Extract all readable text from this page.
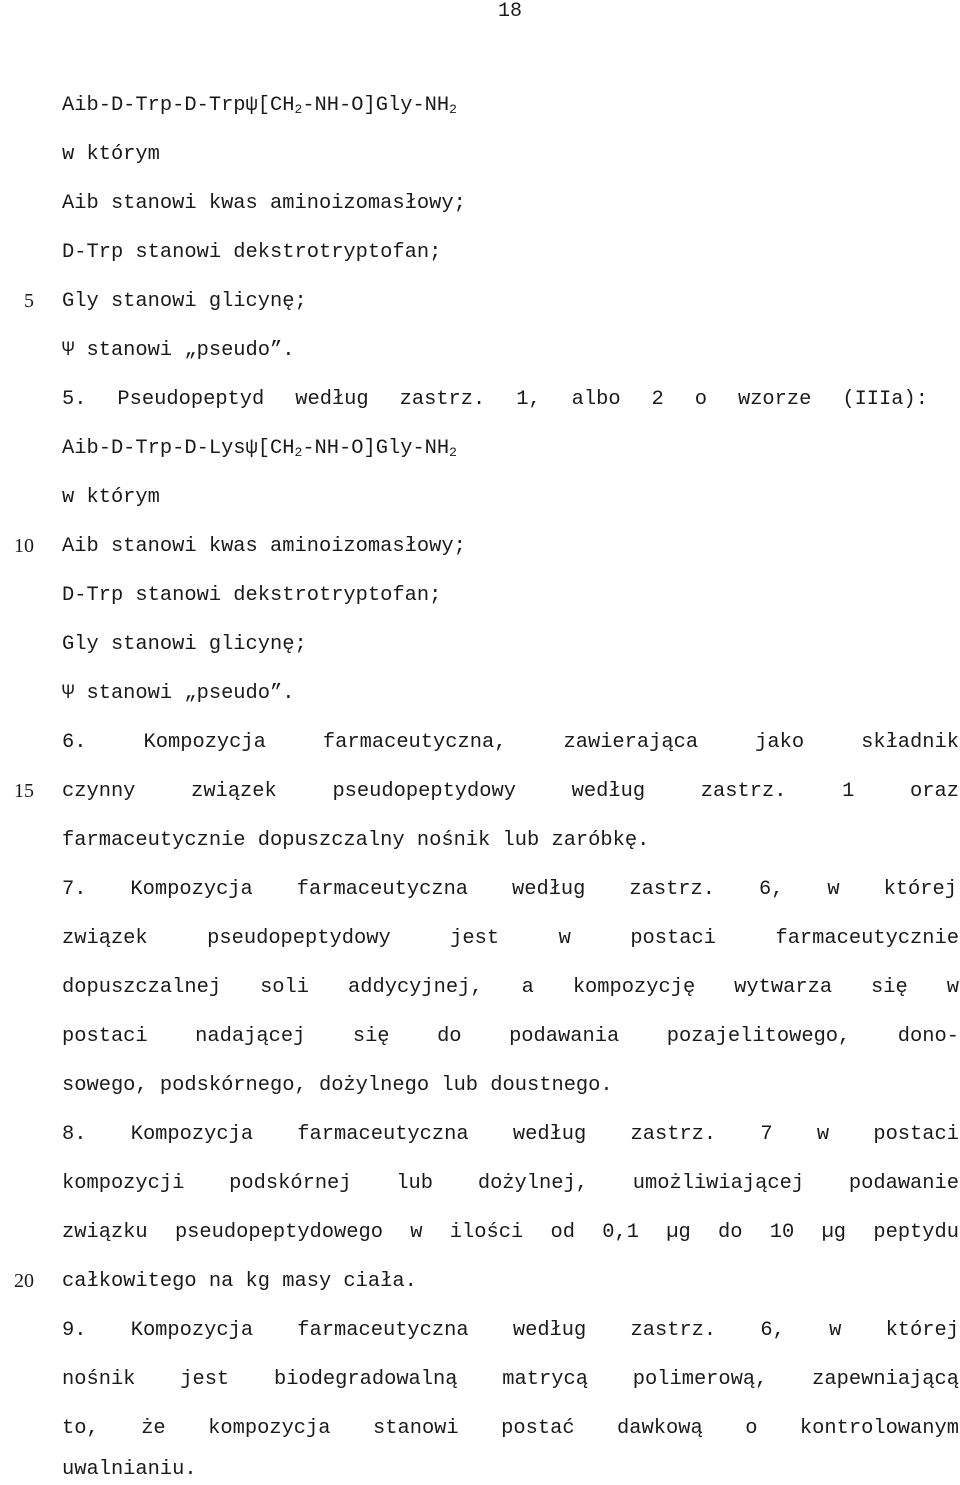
18
5
10
15
20
Aib-$D-Trp-D-Trp\psi[CH_2-NH-O]Gly-NH_2$
w którym
Aib stanowi kwas aminoizomasłowy;
D-Trp stanowi dekstrotryptofan;
Gly stanowi glicynę;
Ψ stanowi „pseudo”.
5. Pseudopeptyd według zastrz. 1, albo 2 o wzorze (IIIa):
Aib-$D-Trp-D-Lys\psi[CH_2-NH-O]Gly-NH_2$
w którym
Aib stanowi kwas aminoizomasłowy;
D-Trp stanowi dekstrotryptofan;
Gly stanowi glicynę;
Ψ stanowi „pseudo”.
6. Kompozycja farmaceutyczna, zawierająca jako składnik
czynny związek pseudopeptydowy według zastrz. 1 oraz
farmaceutycznie dopuszczalny nośnik lub zaróbkę.
7. Kompozycja farmaceutyczna według zastrz. 6, w której
związek pseudopeptydowy jest w postaci farmaceutycznie
dopuszczalnej soli addycyjnej, a kompozycję wytwarza się w
postaci nadającej się do podawania pozajelitowego, dono-
sowego, podskórnego, dożylnego lub doustnego.
8. Kompozycja farmaceutyczna według zastrz. 7 w postaci
kompozycji podskórnej lub dożylnej, umożliwiającej podawanie
związku pseudopeptydowego w ilości od 0,1 µg do 10 µg peptydu
całkowitego na kg masy ciała.
9. Kompozycja farmaceutyczna według zastrz. 6, w której
nośnik jest biodegradowalną matrycą polimerową, zapewniającą
to, że kompozycja stanowi postać dawkową o kontrolowanym
uwalnianiu.
